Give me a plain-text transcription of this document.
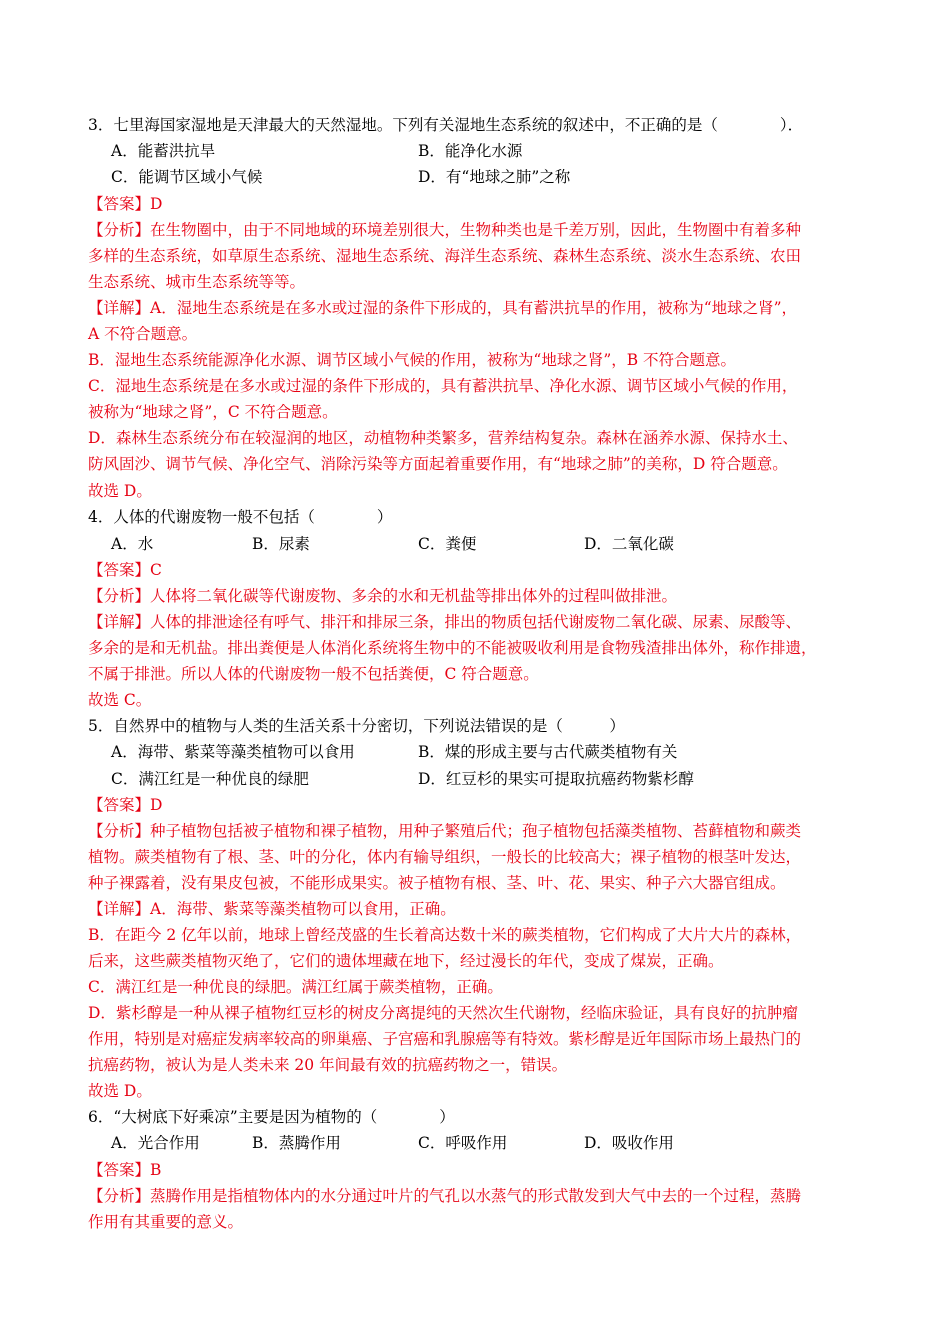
3．七里海国家湿地是天津最大的天然湿地。下列有关湿地生态系统的叙述中，不正确的是（　　　　）．
A．能蓄洪抗旱	B．能净化水源
C．能调节区域小气候	D．有“地球之肺”之称
【答案】D
【分析】在生物圈中，由于不同地域的环境差别很大，生物种类也是千差万别，因此，生物圈中有着多种
多样的生态系统，如草原生态系统、湿地生态系统、海洋生态系统、森林生态系统、淡水生态系统、农田
生态系统、城市生态系统等等。
【详解】A．湿地生态系统是在多水或过湿的条件下形成的，具有蓄洪抗旱的作用，被称为“地球之肾”，
A 不符合题意。
B．湿地生态系统能源净化水源、调节区域小气候的作用，被称为“地球之肾”，B 不符合题意。
C．湿地生态系统是在多水或过湿的条件下形成的，具有蓄洪抗旱、净化水源、调节区域小气候的作用，
被称为“地球之肾”，C 不符合题意。
D．森林生态系统分布在较湿润的地区，动植物种类繁多，营养结构复杂。森林在涵养水源、保持水土、
防风固沙、调节气候、净化空气、消除污染等方面起着重要作用，有“地球之肺”的美称，D 符合题意。
故选 D。
4．人体的代谢废物一般不包括（　　　　）
A．水	B．尿素	C．粪便	D．二氧化碳
【答案】C
【分析】人体将二氧化碳等代谢废物、多余的水和无机盐等排出体外的过程叫做排泄。
【详解】人体的排泄途径有呼气、排汗和排尿三条，排出的物质包括代谢废物二氧化碳、尿素、尿酸等、
多余的是和无机盐。排出粪便是人体消化系统将生物中的不能被吸收利用是食物残渣排出体外，称作排遗，
不属于排泄。所以人体的代谢废物一般不包括粪便，C 符合题意。
故选 C。
5．自然界中的植物与人类的生活关系十分密切，下列说法错误的是（　　　）
A．海带、紫菜等藻类植物可以食用	B．煤的形成主要与古代蕨类植物有关
C．满江红是一种优良的绿肥	D．红豆杉的果实可提取抗癌药物紫杉醇
【答案】D
【分析】种子植物包括被子植物和裸子植物，用种子繁殖后代；孢子植物包括藻类植物、苔藓植物和蕨类
植物。蕨类植物有了根、茎、叶的分化，体内有输导组织，一般长的比较高大；裸子植物的根茎叶发达，
种子裸露着，没有果皮包被，不能形成果实。被子植物有根、茎、叶、花、果实、种子六大器官组成。
【详解】A．海带、紫菜等藻类植物可以食用，正确。
B．在距今 2 亿年以前，地球上曾经茂盛的生长着高达数十米的蕨类植物，它们构成了大片大片的森林，
后来，这些蕨类植物灭绝了，它们的遗体埋藏在地下，经过漫长的年代，变成了煤炭，正确。
C．满江红是一种优良的绿肥。满江红属于蕨类植物，正确。
D．紫杉醇是一种从裸子植物红豆杉的树皮分离提纯的天然次生代谢物，经临床验证，具有良好的抗肿瘤
作用，特别是对癌症发病率较高的卵巢癌、子宫癌和乳腺癌等有特效。紫杉醇是近年国际市场上最热门的
抗癌药物，被认为是人类未来 20 年间最有效的抗癌药物之一，错误。
故选 D。
6．“大树底下好乘凉”主要是因为植物的（　　　　）
A．光合作用	B．蒸腾作用	C．呼吸作用	D．吸收作用
【答案】B
【分析】蒸腾作用是指植物体内的水分通过叶片的气孔以水蒸气的形式散发到大气中去的一个过程，蒸腾
作用有其重要的意义。
